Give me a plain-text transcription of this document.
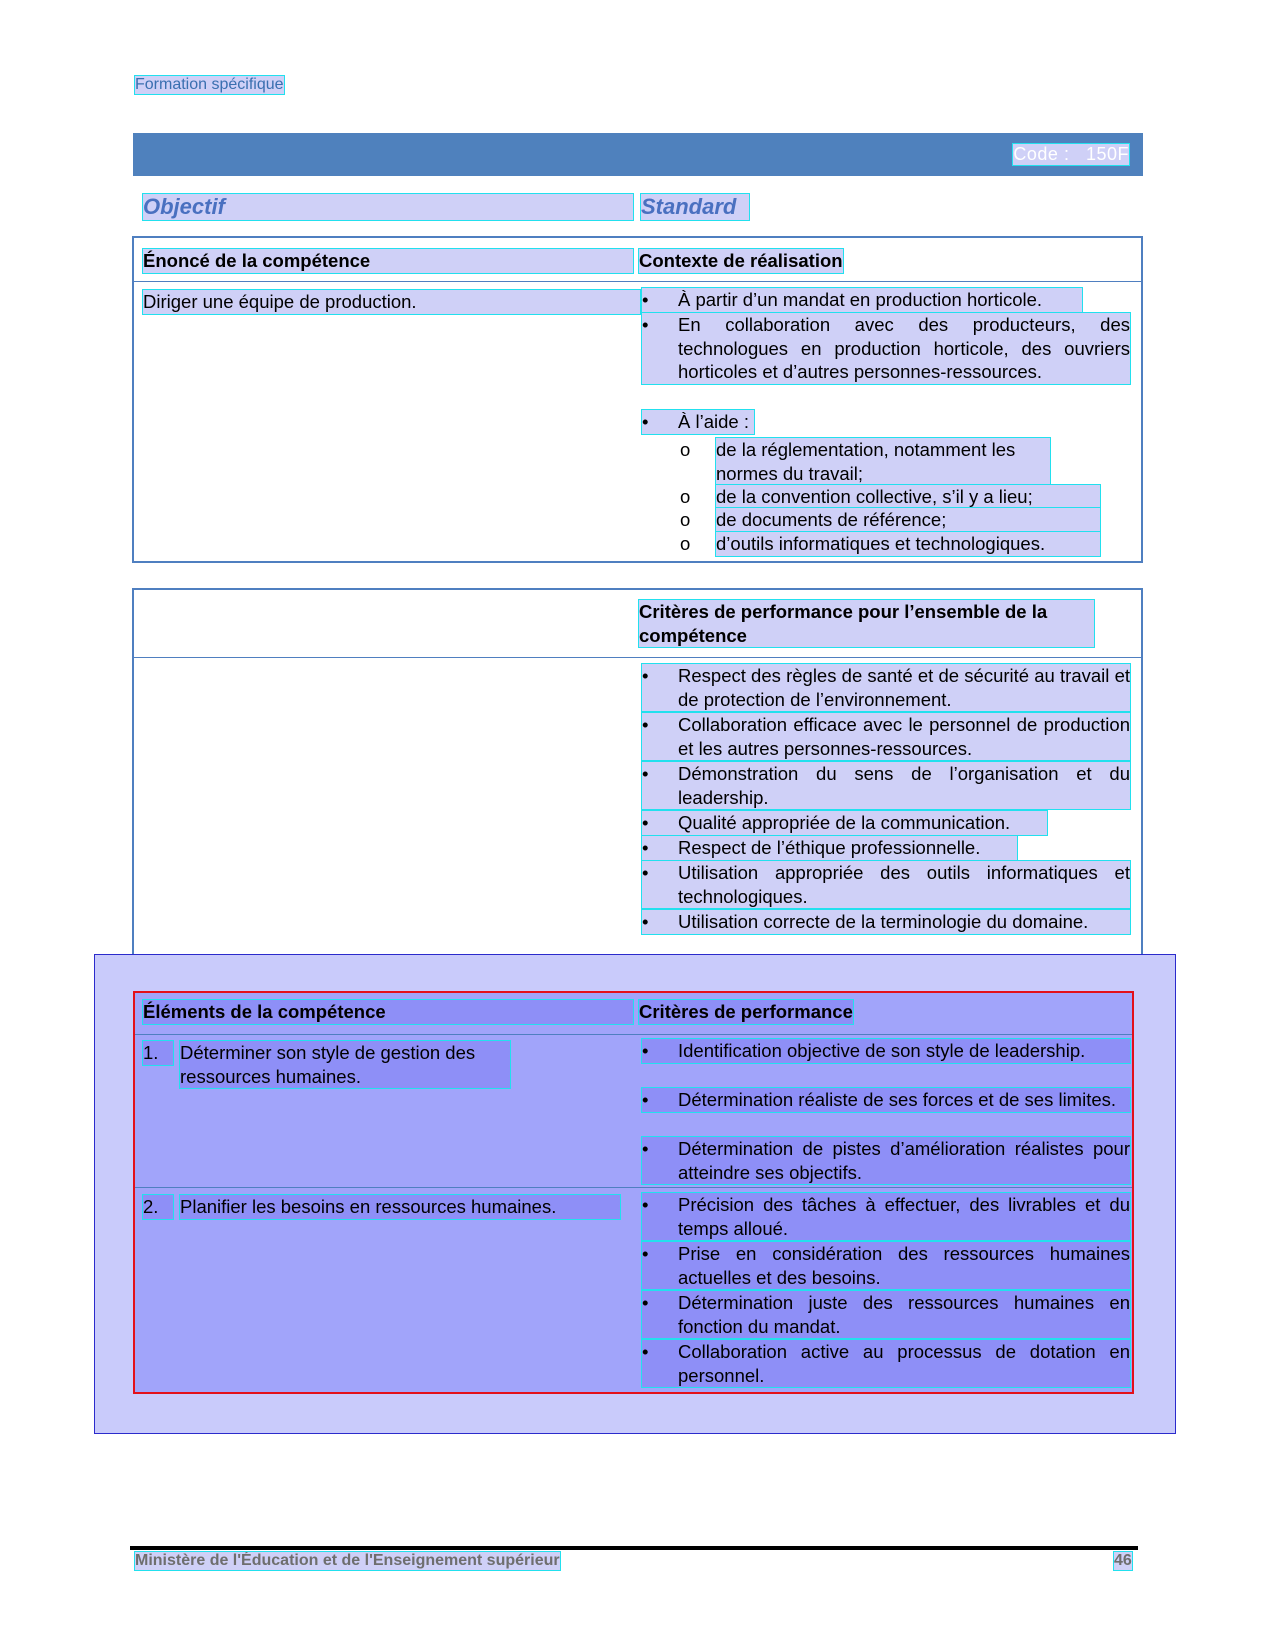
Formation spécifique
Code : 150F
Objectif	Standard
Énoncé de la compétence	Contexte de réalisation
Diriger une équipe de production.	• À partir d’un mandat en production horticole.
• En collaboration avec des producteurs, des technologues en production horticole, des ouvriers horticoles et d’autres personnes-ressources.
• À l’aide :
o de la réglementation, notamment les normes du travail;
o de la convention collective, s’il y a lieu;
o de documents de référence;
o d’outils informatiques et technologiques.
Critères de performance pour l’ensemble de la compétence
• Respect des règles de santé et de sécurité au travail et de protection de l’environnement.
• Collaboration efficace avec le personnel de production et les autres personnes-ressources.
• Démonstration du sens de l’organisation et du leadership.
• Qualité appropriée de la communication.
• Respect de l’éthique professionnelle.
• Utilisation appropriée des outils informatiques et technologiques.
• Utilisation correcte de la terminologie du domaine.
Éléments de la compétence	Critères de performance
1.	Déterminer son style de gestion des ressources humaines.
• Identification objective de son style de leadership.
• Détermination réaliste de ses forces et de ses limites.
• Détermination de pistes d’amélioration réalistes pour atteindre ses objectifs.
2.	Planifier les besoins en ressources humaines.	• Précision des tâches à effectuer, des livrables et du temps alloué.
• Prise en considération des ressources humaines actuelles et des besoins.
• Détermination juste des ressources humaines en fonction du mandat.
• Collaboration active au processus de dotation en personnel.
Ministère de l'Éducation et de l'Enseignement supérieur	46
